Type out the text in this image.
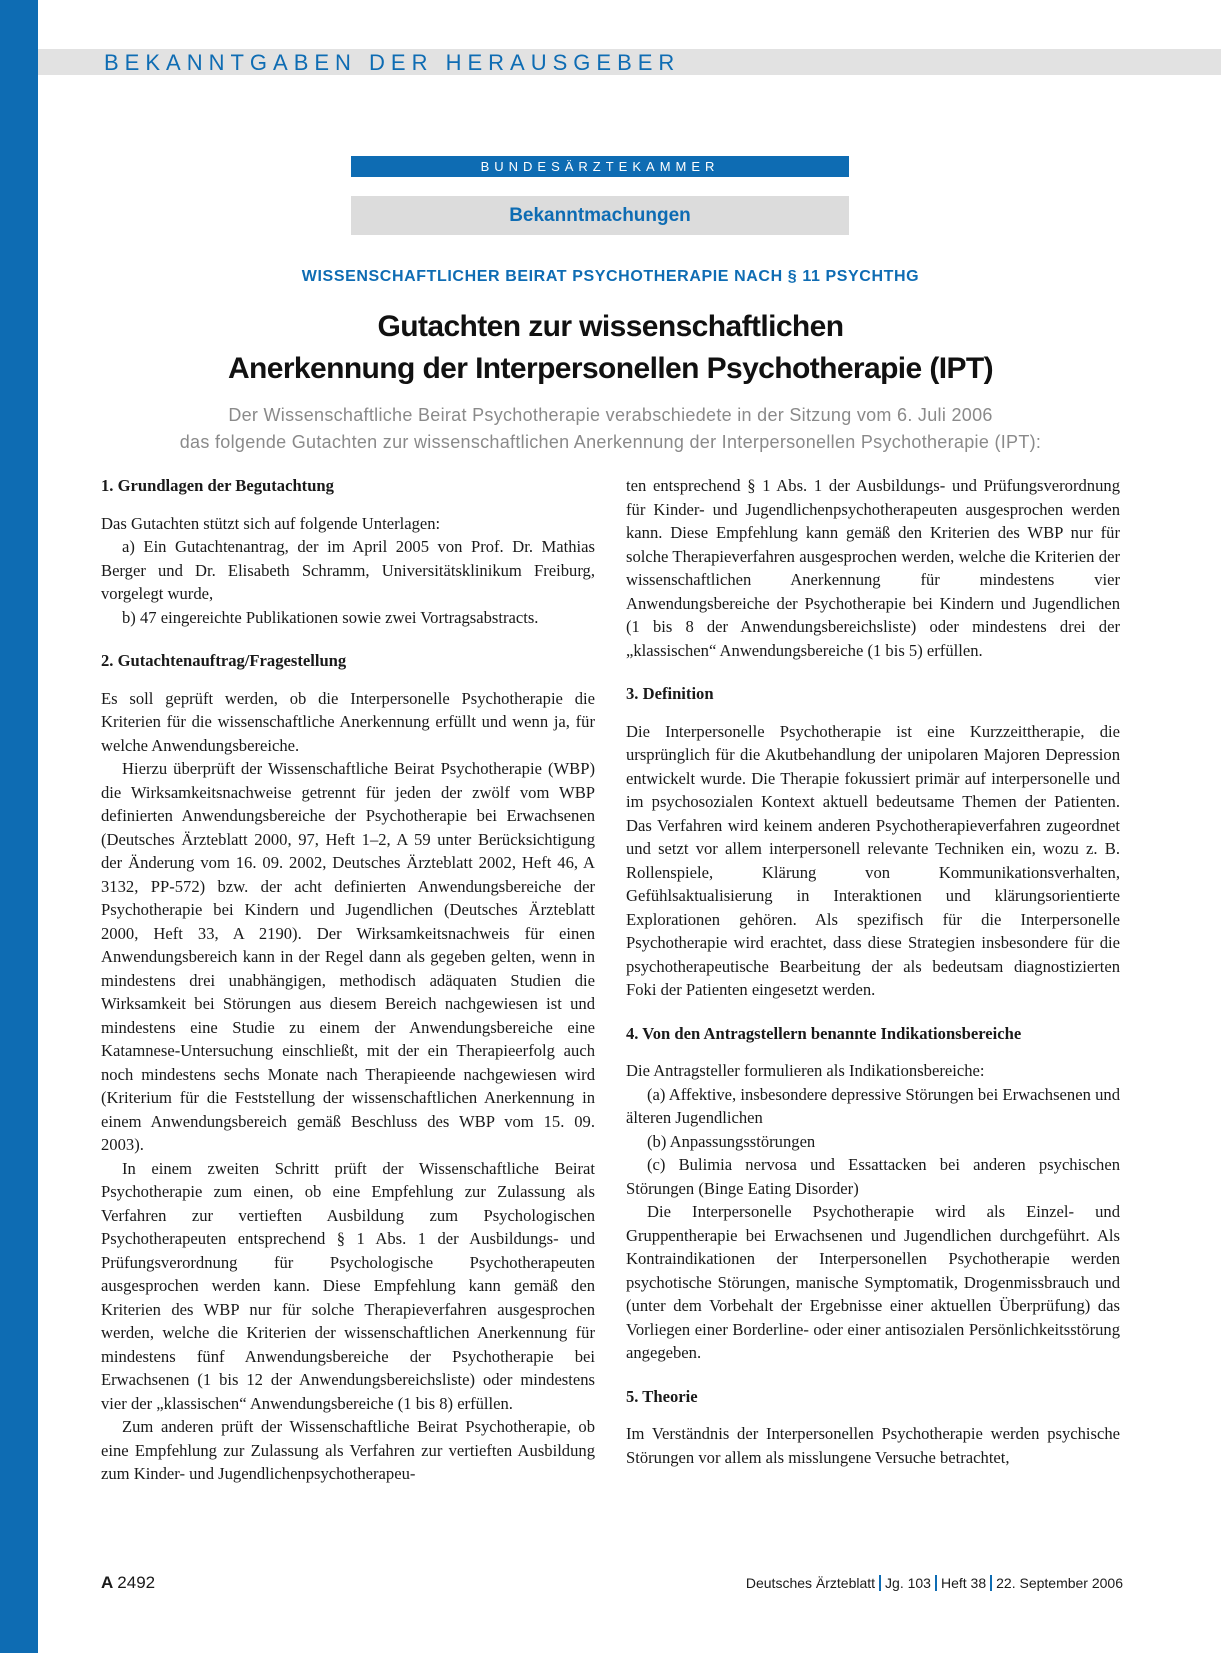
BEKANNTGABEN DER HERAUSGEBER
BUNDESÄRZTEKAMMER
Bekanntmachungen
WISSENSCHAFTLICHER BEIRAT PSYCHOTHERAPIE NACH § 11 PSYCHTHG
Gutachten zur wissenschaftlichen
Anerkennung der Interpersonellen Psychotherapie (IPT)
Der Wissenschaftliche Beirat Psychotherapie verabschiedete in der Sitzung vom 6. Juli 2006
das folgende Gutachten zur wissenschaftlichen Anerkennung der Interpersonellen Psychotherapie (IPT):
1. Grundlagen der Begutachtung

Das Gutachten stützt sich auf folgende Unterlagen:

a) Ein Gutachtenantrag, der im April 2005 von Prof. Dr. Mathias Berger und Dr. Elisabeth Schramm, Universitätsklinikum Freiburg, vorgelegt wurde,

b) 47 eingereichte Publikationen sowie zwei Vortragsabstracts.

2. Gutachtenauftrag/Fragestellung

Es soll geprüft werden, ob die Interpersonelle Psychotherapie die Kriterien für die wissenschaftliche Anerkennung erfüllt und wenn ja, für welche Anwendungsbereiche.

Hierzu überprüft der Wissenschaftliche Beirat Psychotherapie (WBP) die Wirksamkeitsnachweise getrennt für jeden der zwölf vom WBP definierten Anwendungsbereiche der Psychotherapie bei Erwachsenen (Deutsches Ärzteblatt 2000, 97, Heft 1–2, A 59 unter Berücksichtigung der Änderung vom 16. 09. 2002, Deutsches Ärzteblatt 2002, Heft 46, A 3132, PP-572) bzw. der acht definierten Anwendungsbereiche der Psychotherapie bei Kindern und Jugendlichen (Deutsches Ärzteblatt 2000, Heft 33, A 2190). Der Wirksamkeitsnachweis für einen Anwendungsbereich kann in der Regel dann als gegeben gelten, wenn in mindestens drei unabhängigen, methodisch adäquaten Studien die Wirksamkeit bei Störungen aus diesem Bereich nachgewiesen ist und mindestens eine Studie zu einem der Anwendungsbereiche eine Katamnese-Untersuchung einschließt, mit der ein Therapieerfolg auch noch mindestens sechs Monate nach Therapieende nachgewiesen wird (Kriterium für die Feststellung der wissenschaftlichen Anerkennung in einem Anwendungsbereich gemäß Beschluss des WBP vom 15. 09. 2003).

In einem zweiten Schritt prüft der Wissenschaftliche Beirat Psychotherapie zum einen, ob eine Empfehlung zur Zulassung als Verfahren zur vertieften Ausbildung zum Psychologischen Psychotherapeuten entsprechend § 1 Abs. 1 der Ausbildungs- und Prüfungsverordnung für Psychologische Psychotherapeuten ausgesprochen werden kann. Diese Empfehlung kann gemäß den Kriterien des WBP nur für solche Therapieverfahren ausgesprochen werden, welche die Kriterien der wissenschaftlichen Anerkennung für mindestens fünf Anwendungsbereiche der Psychotherapie bei Erwachsenen (1 bis 12 der Anwendungsbereichsliste) oder mindestens vier der „klassischen“ Anwendungsbereiche (1 bis 8) erfüllen.

Zum anderen prüft der Wissenschaftliche Beirat Psychotherapie, ob eine Empfehlung zur Zulassung als Verfahren zur vertieften Ausbildung zum Kinder- und Jugendlichenpsychotherapeu-

ten entsprechend § 1 Abs. 1 der Ausbildungs- und Prüfungsverordnung für Kinder- und Jugendlichenpsychotherapeuten ausgesprochen werden kann. Diese Empfehlung kann gemäß den Kriterien des WBP nur für solche Therapieverfahren ausgesprochen werden, welche die Kriterien der wissenschaftlichen Anerkennung für mindestens vier Anwendungsbereiche der Psychotherapie bei Kindern und Jugendlichen (1 bis 8 der Anwendungsbereichsliste) oder mindestens drei der „klassischen“ Anwendungsbereiche (1 bis 5) erfüllen.

3. Definition

Die Interpersonelle Psychotherapie ist eine Kurzzeittherapie, die ursprünglich für die Akutbehandlung der unipolaren Majoren Depression entwickelt wurde. Die Therapie fokussiert primär auf interpersonelle und im psychosozialen Kontext aktuell bedeutsame Themen der Patienten. Das Verfahren wird keinem anderen Psychotherapieverfahren zugeordnet und setzt vor allem interpersonell relevante Techniken ein, wozu z. B. Rollenspiele, Klärung von Kommunikationsverhalten, Gefühlsaktualisierung in Interaktionen und klärungsorientierte Explorationen gehören. Als spezifisch für die Interpersonelle Psychotherapie wird erachtet, dass diese Strategien insbesondere für die psychotherapeutische Bearbeitung der als bedeutsam diagnostizierten Foki der Patienten eingesetzt werden.

4. Von den Antragstellern benannte Indikationsbereiche

Die Antragsteller formulieren als Indikationsbereiche:

(a) Affektive, insbesondere depressive Störungen bei Erwachsenen und älteren Jugendlichen

(b) Anpassungsstörungen

(c) Bulimia nervosa und Essattacken bei anderen psychischen Störungen (Binge Eating Disorder)

Die Interpersonelle Psychotherapie wird als Einzel- und Gruppentherapie bei Erwachsenen und Jugendlichen durchgeführt. Als Kontraindikationen der Interpersonellen Psychotherapie werden psychotische Störungen, manische Symptomatik, Drogenmissbrauch und (unter dem Vorbehalt der Ergebnisse einer aktuellen Überprüfung) das Vorliegen einer Borderline- oder einer antisozialen Persönlichkeitsstörung angegeben.

5. Theorie

Im Verständnis der Interpersonellen Psychotherapie werden psychische Störungen vor allem als misslungene Versuche betrachtet,

A 2492	Deutsches Ärzteblatt Jg. 103 Heft 38 22. September 2006
